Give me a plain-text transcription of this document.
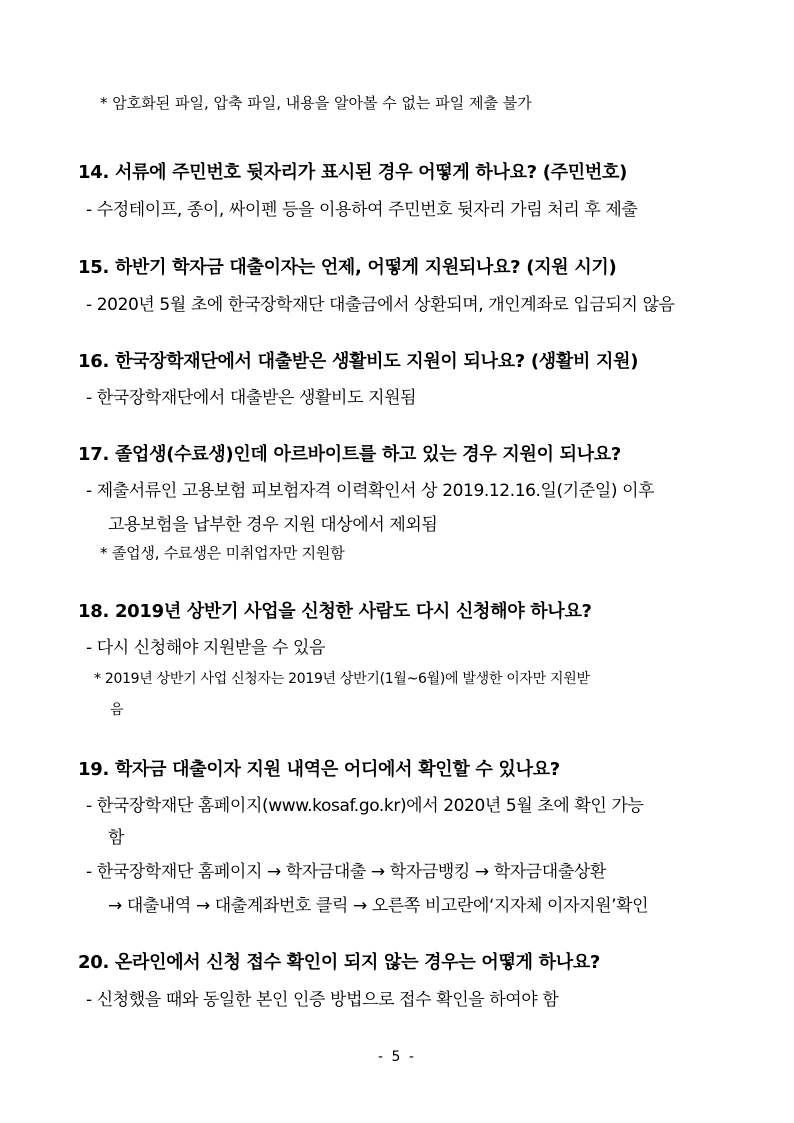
* 암호화된 파일, 압축 파일, 내용을 알아볼 수 없는 파일 제출 불가
14. 서류에 주민번호 뒷자리가 표시된 경우 어떻게 하나요? (주민번호)
- 수정테이프, 종이, 싸이펜 등을 이용하여 주민번호 뒷자리 가림 처리 후 제출
15. 하반기 학자금 대출이자는 언제, 어떻게 지원되나요? (지원 시기)
- 2020년 5월 초에 한국장학재단 대출금에서 상환되며, 개인계좌로 입금되지 않음
16. 한국장학재단에서 대출받은 생활비도 지원이 되나요? (생활비 지원)
- 한국장학재단에서 대출받은 생활비도 지원됨
17. 졸업생(수료생)인데 아르바이트를 하고 있는 경우 지원이 되나요?
- 제출서류인 고용보험 피보험자격 이력확인서 상 2019.12.16.일(기준일) 이후
고용보험을 납부한 경우 지원 대상에서 제외됨
* 졸업생, 수료생은 미취업자만 지원함
18. 2019년 상반기 사업을 신청한 사람도 다시 신청해야 하나요?
- 다시 신청해야 지원받을 수 있음
* 2019년 상반기 사업 신청자는 2019년 상반기(1월~6월)에 발생한 이자만 지원받
음
19. 학자금 대출이자 지원 내역은 어디에서 확인할 수 있나요?
- 한국장학재단 홈페이지(www.kosaf.go.kr)에서 2020년 5월 초에 확인 가능
함
- 한국장학재단 홈페이지 → 학자금대출 → 학자금뱅킹 → 학자금대출상환
→ 대출내역 → 대출계좌번호 클릭 → 오른쪽 비고란에‘지자체 이자지원’확인
20. 온라인에서 신청 접수 확인이 되지 않는 경우는 어떻게 하나요?
- 신청했을 때와 동일한 본인 인증 방법으로 접수 확인을 하여야 함
- 5 -
